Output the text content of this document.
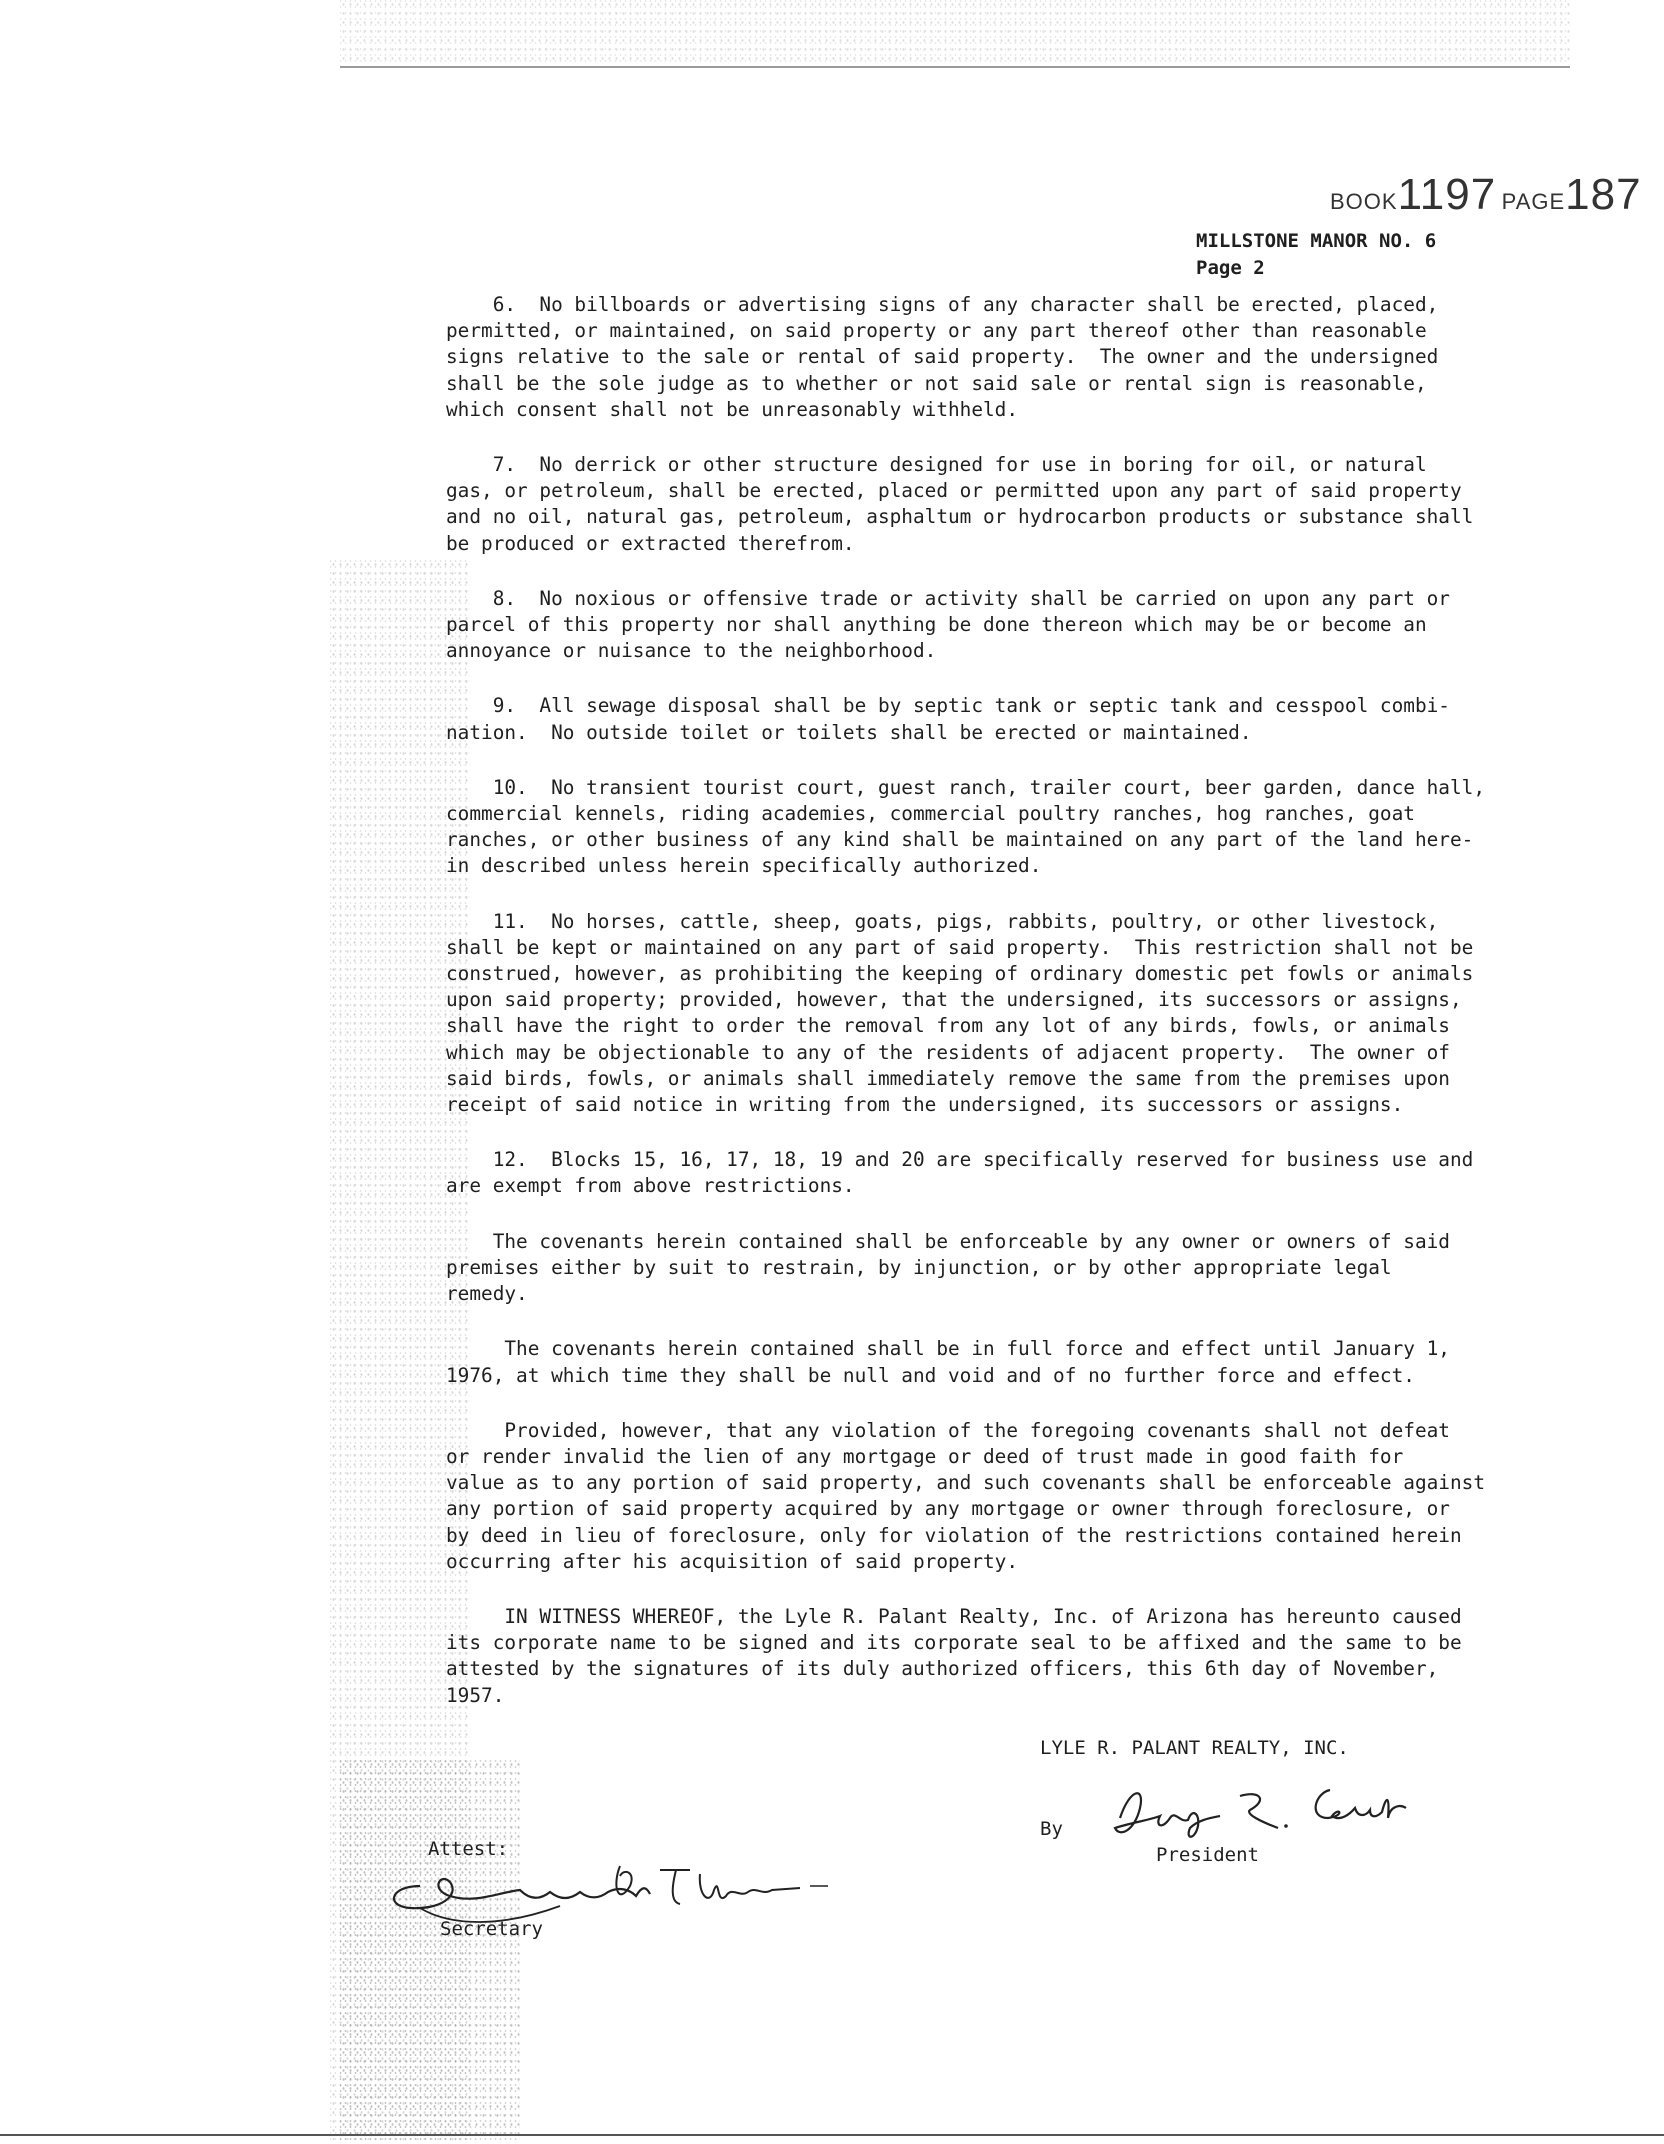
BOOK1197 PAGE187
MILLSTONE MANOR NO. 6
Page 2

6.  No billboards or advertising signs of any character shall be erected, placed,
permitted, or maintained, on said property or any part thereof other than reasonable
signs relative to the sale or rental of said property.  The owner and the undersigned
shall be the sole judge as to whether or not said sale or rental sign is reasonable,
which consent shall not be unreasonably withheld.

7.  No derrick or other structure designed for use in boring for oil, or natural
gas, or petroleum, shall be erected, placed or permitted upon any part of said property
and no oil, natural gas, petroleum, asphaltum or hydrocarbon products or substance shall
be produced or extracted therefrom.

8.  No noxious or offensive trade or activity shall be carried on upon any part or
parcel of this property nor shall anything be done thereon which may be or become an
annoyance or nuisance to the neighborhood.

9.  All sewage disposal shall be by septic tank or septic tank and cesspool combi-
nation.  No outside toilet or toilets shall be erected or maintained.

10.  No transient tourist court, guest ranch, trailer court, beer garden, dance hall,
commercial kennels, riding academies, commercial poultry ranches, hog ranches, goat
ranches, or other business of any kind shall be maintained on any part of the land here-
in described unless herein specifically authorized.

11.  No horses, cattle, sheep, goats, pigs, rabbits, poultry, or other livestock,
shall be kept or maintained on any part of said property.  This restriction shall not be
construed, however, as prohibiting the keeping of ordinary domestic pet fowls or animals
upon said property; provided, however, that the undersigned, its successors or assigns,
shall have the right to order the removal from any lot of any birds, fowls, or animals
which may be objectionable to any of the residents of adjacent property.  The owner of
said birds, fowls, or animals shall immediately remove the same from the premises upon
receipt of said notice in writing from the undersigned, its successors or assigns.

12.  Blocks 15, 16, 17, 18, 19 and 20 are specifically reserved for business use and
are exempt from above restrictions.

The covenants herein contained shall be enforceable by any owner or owners of said
premises either by suit to restrain, by injunction, or by other appropriate legal
remedy.

The covenants herein contained shall be in full force and effect until January 1,
1976, at which time they shall be null and void and of no further force and effect.

Provided, however, that any violation of the foregoing covenants shall not defeat
or render invalid the lien of any mortgage or deed of trust made in good faith for
value as to any portion of said property, and such covenants shall be enforceable against
any portion of said property acquired by any mortgage or owner through foreclosure, or
by deed in lieu of foreclosure, only for violation of the restrictions contained herein
occurring after his acquisition of said property.

IN WITNESS WHEREOF, the Lyle R. Palant Realty, Inc. of Arizona has hereunto caused
its corporate name to be signed and its corporate seal to be affixed and the same to be
attested by the signatures of its duly authorized officers, this 6th day of November,
1957.

LYLE R. PALANT REALTY, INC.
By
President
Attest:
Secretary
